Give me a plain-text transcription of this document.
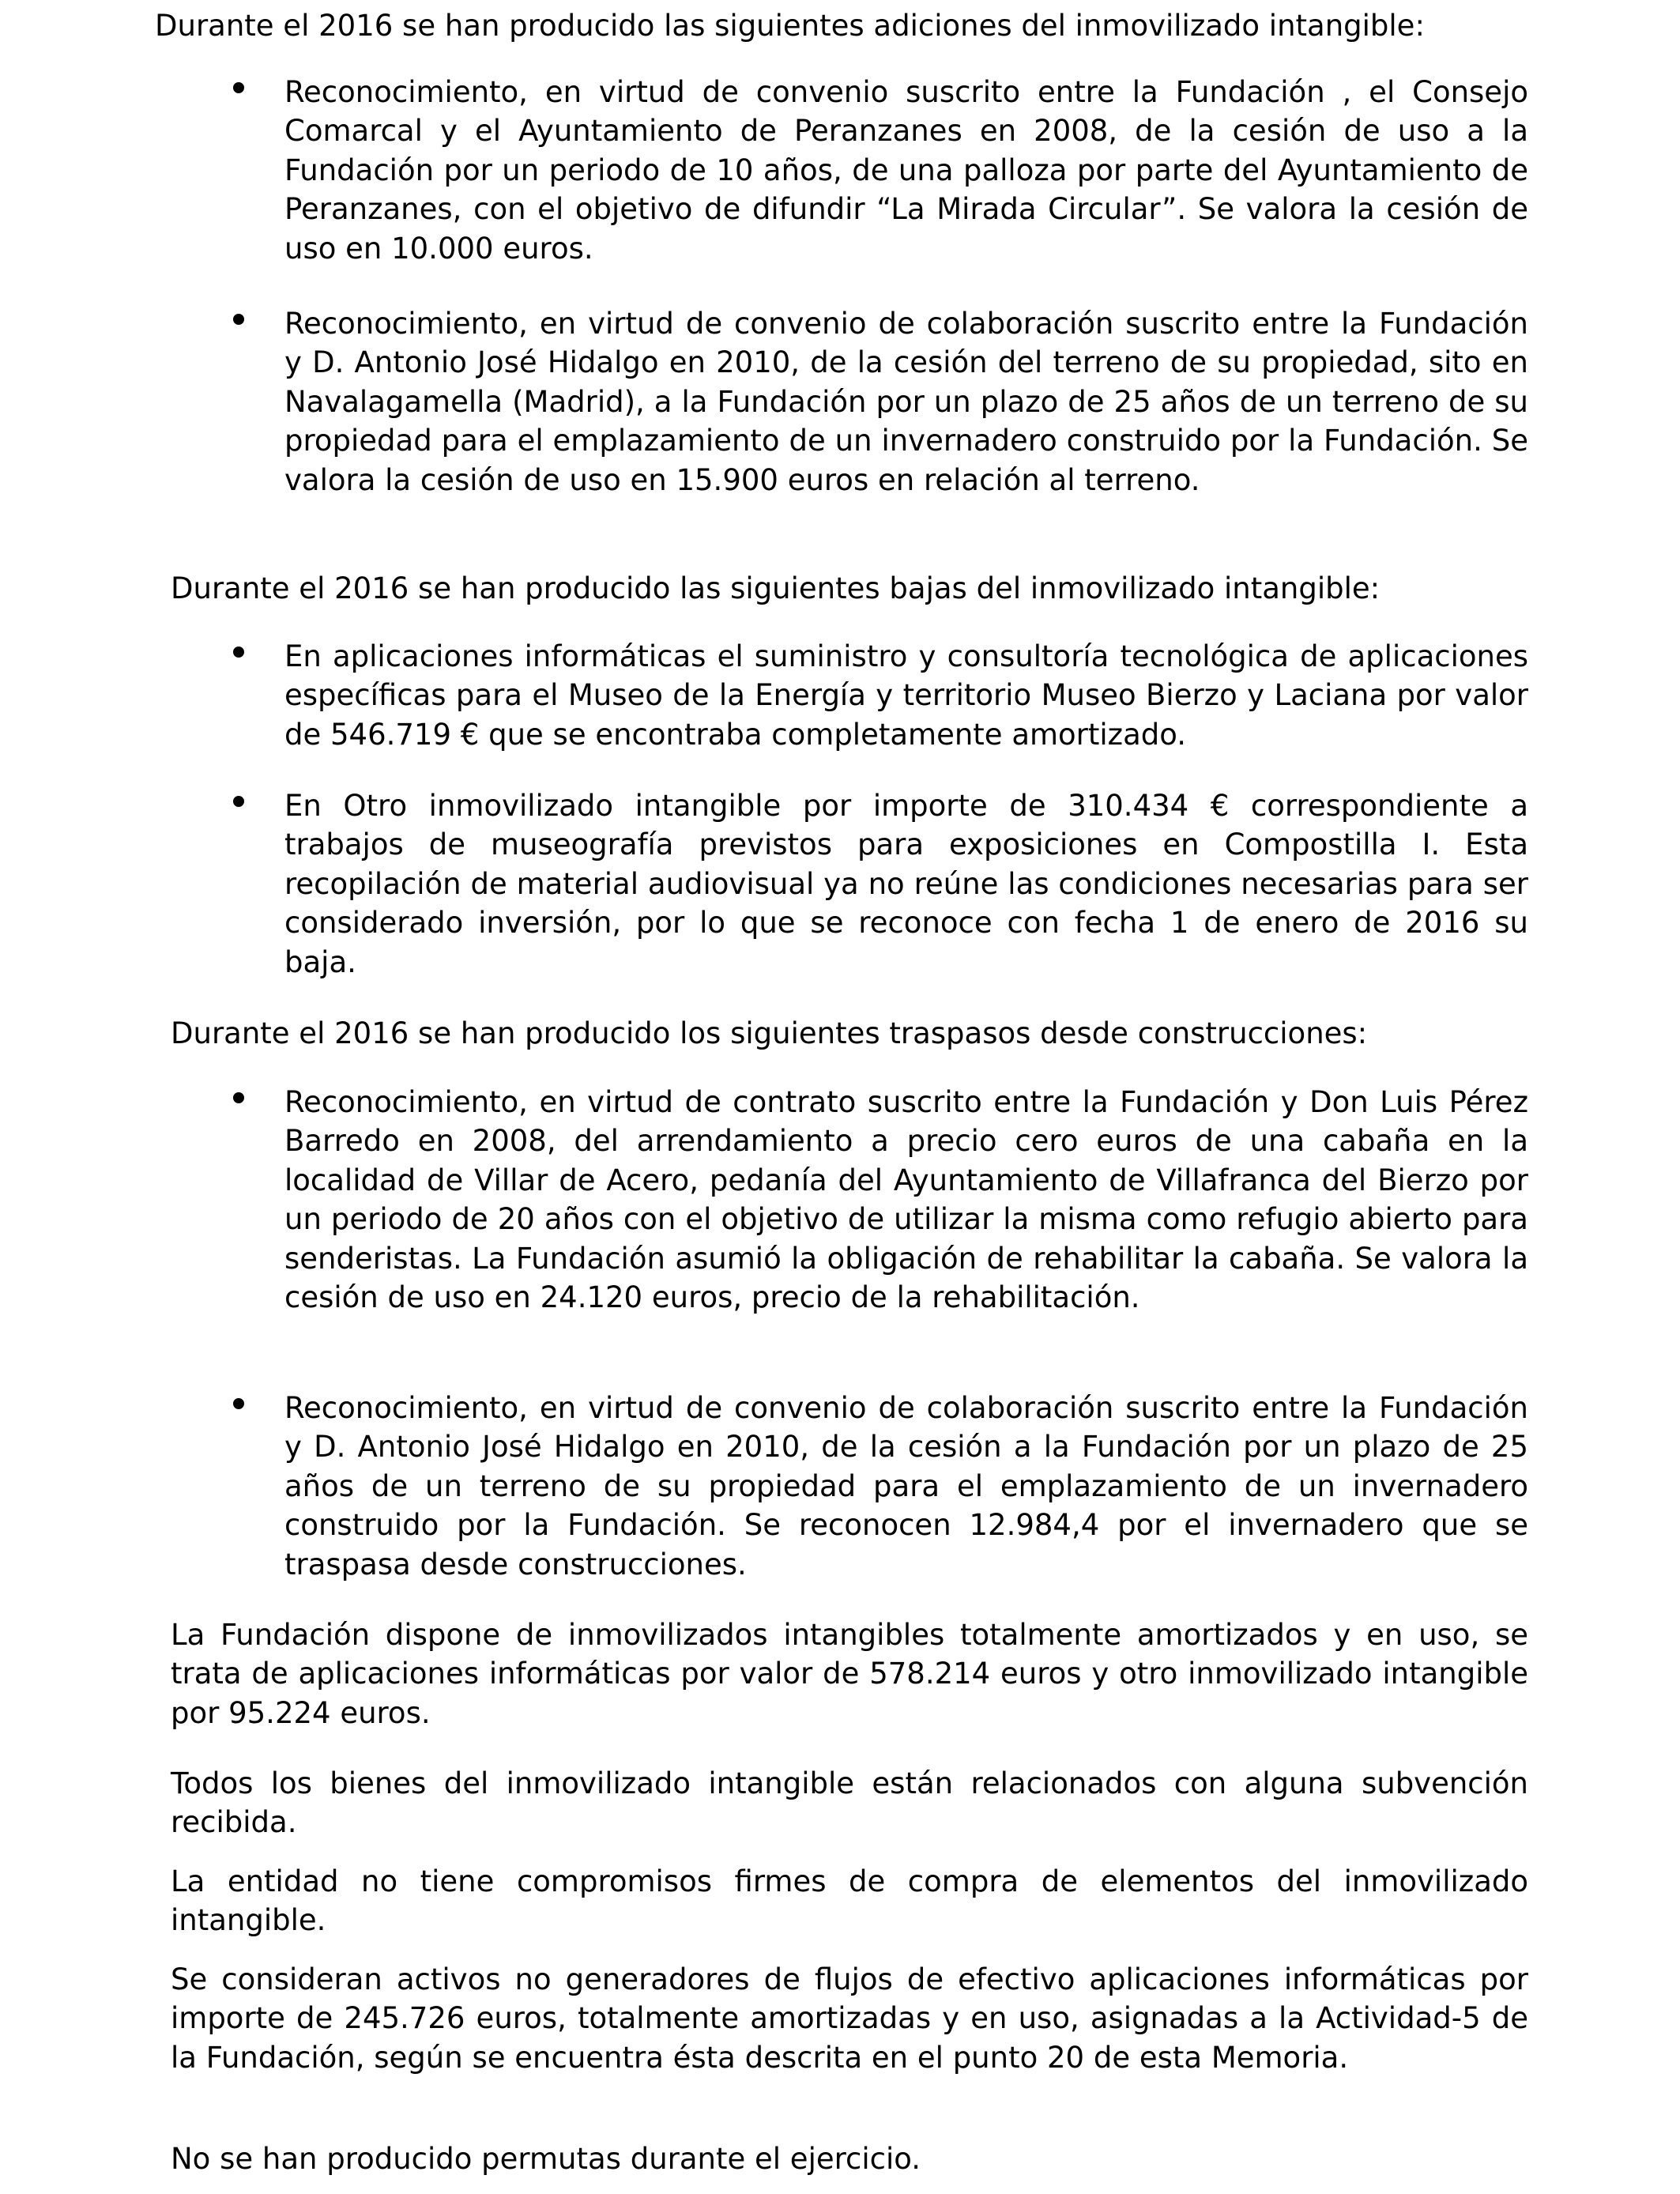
Durante el 2016 se han producido las siguientes adiciones del inmovilizado intangible:

Reconocimiento, en virtud de convenio suscrito entre la Fundación , el Consejo Comarcal y el Ayuntamiento de Peranzanes en 2008, de la cesión de uso a la Fundación por un periodo de 10 años, de una palloza por parte del Ayuntamiento de Peranzanes, con el objetivo de difundir “La Mirada Circular”. Se valora la cesión de uso en 10.000 euros.
Reconocimiento, en virtud de convenio de colaboración suscrito entre la Fundación y D. Antonio José Hidalgo en 2010, de la cesión del terreno de su propiedad, sito en Navalagamella (Madrid), a la Fundación por un plazo de 25 años de un terreno de su propiedad para el emplazamiento de un invernadero construido por la Fundación. Se valora la cesión de uso en 15.900 euros en relación al terreno.

Durante el 2016 se han producido las siguientes bajas del inmovilizado intangible:

En aplicaciones informáticas el suministro y consultoría tecnológica de aplicaciones específicas para el Museo de la Energía y territorio Museo Bierzo y Laciana por valor de 546.719 € que se encontraba completamente amortizado.
En Otro inmovilizado intangible por importe de 310.434 € correspondiente a trabajos de museografía previstos para exposiciones en Compostilla I. Esta recopilación de material audiovisual ya no reúne las condiciones necesarias para ser considerado inversión, por lo que se reconoce con fecha 1 de enero de 2016 su baja.

Durante el 2016 se han producido los siguientes traspasos desde construcciones:

Reconocimiento, en virtud de contrato suscrito entre la Fundación y Don Luis Pérez Barredo en 2008, del arrendamiento a precio cero euros de una cabaña en la localidad de Villar de Acero, pedanía del Ayuntamiento de Villafranca del Bierzo por un periodo de 20 años con el objetivo de utilizar la misma como refugio abierto para senderistas. La Fundación asumió la obligación de rehabilitar la cabaña. Se valora la cesión de uso en 24.120 euros, precio de la rehabilitación.
Reconocimiento, en virtud de convenio de colaboración suscrito entre la Fundación y D. Antonio José Hidalgo en 2010, de la cesión a la Fundación por un plazo de 25 años de un terreno de su propiedad para el emplazamiento de un invernadero construido por la Fundación. Se reconocen 12.984,4 por el invernadero que se traspasa desde construcciones.

La Fundación dispone de inmovilizados intangibles totalmente amortizados y en uso, se trata de aplicaciones informáticas por valor de 578.214 euros y otro inmovilizado intangible por 95.224 euros.

Todos los bienes del inmovilizado intangible están relacionados con alguna subvención recibida.

La entidad no tiene compromisos firmes de compra de elementos del inmovilizado intangible.

Se consideran activos no generadores de flujos de efectivo aplicaciones informáticas por importe de 245.726 euros, totalmente amortizadas y en uso, asignadas a la Actividad-5 de la Fundación, según se encuentra ésta descrita en el punto 20 de esta Memoria.

No se han producido permutas durante el ejercicio.
